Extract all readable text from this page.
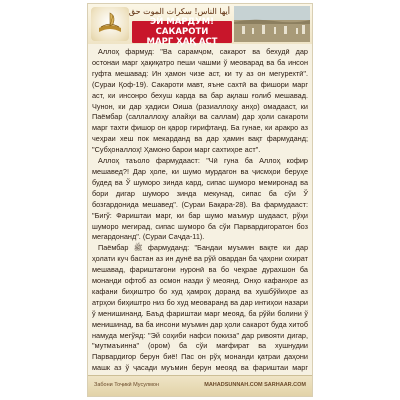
أيها الناس! سكرات الموت حق
ЭЙ МАРДУМ! САКАРОТИ
МАРГ ҲАҚ АСТ

Аллоҳ фармуд: "Ва сарамҷом, сакарот ва бехудӣ дар остонаи марг ҳақиқатро пеши чашми ў меоварад ва ба инсон гуфта мешавад: Ин ҳамон чизе аст, ки ту аз он мегурехтӣ". (Сураи Қоф-19). Сакароти мавт, яъне сахтӣ ва фишори марг аст, ки инсонро бехуш карда ва бар ақлаш ғолиб мешавад. Чунон, ки дар ҳадиси Оиша (разиаллоҳу анҳо) омадааст, ки Паёмбар (саллаллоҳу алайҳи ва саллам) дар ҳоли сакароти марг тахти фишор он қарор гирифтанд. Ба гунае, ки аракро аз чеҳраи хеш пок мекарданд ва дар ҳамин вақт фармуданд; "Субҳоналлоҳ! Ҳамоно барои марг сахтиҳое аст".

Аллоҳ таъоло фармудааст: "Чӣ гуна ба Аллоҳ кофир мешавед?! Дар ҳоле, ки шумо мурдагон ва ҷисмҳои беруҳе будед ва Ў шуморо зинда кард, сипас шуморо мемиронад ва бори дигар шуморо зинда мекунад, сипас ба сўи Ў бозгардонида мешавед". (Сураи Бақара-28). Ва фармудааст: "Бигў: Фариштаи марг, ки бар шумо маъмур шудааст, рўҳи шуморо мегирад, сипас шуморо ба сўи Парвардигоратон боз мегардонанд". (Сураи Саҷда-11).

Паёмбар ﷺ фармуданд: "Бандаи муъмин вақте ки дар ҳолати куч бастан аз ин дунё ва рўй овардан ба ҷаҳони охират мешавад, фариштагони нуронӣ ва бо чеҳрае дурахшон ба монанди офтоб аз осмон назди ў меоянд. Онҳо кафанҳое аз кафани биҳиштро бо худ ҳамроҳ доранд ва хушбўйиҳое аз атрҳои биҳиштро низ бо худ меоваранд ва дар интиҳои назари ў менишинанд. Баъд фариштаи марг меояд, ба рўйи болини ў менишинад, ва ба инсони муъмин дар ҳоли сакарот буда хитоб намуда мегўяд: "Эй соҳиби нафси покиза" дар ривояти дигар, "мутмаъинна" (ором) ба сўи мағфират ва хушнудии Парвардигор берун биё! Пас он рўҳ монанди қатраи даҳони машк аз ў ҷасади муъмин берун меояд ва фариштаи марг

Забони Тоҷикӣ Мусулмон	MAHADSUNNAH.COM SARHAAR.COM
